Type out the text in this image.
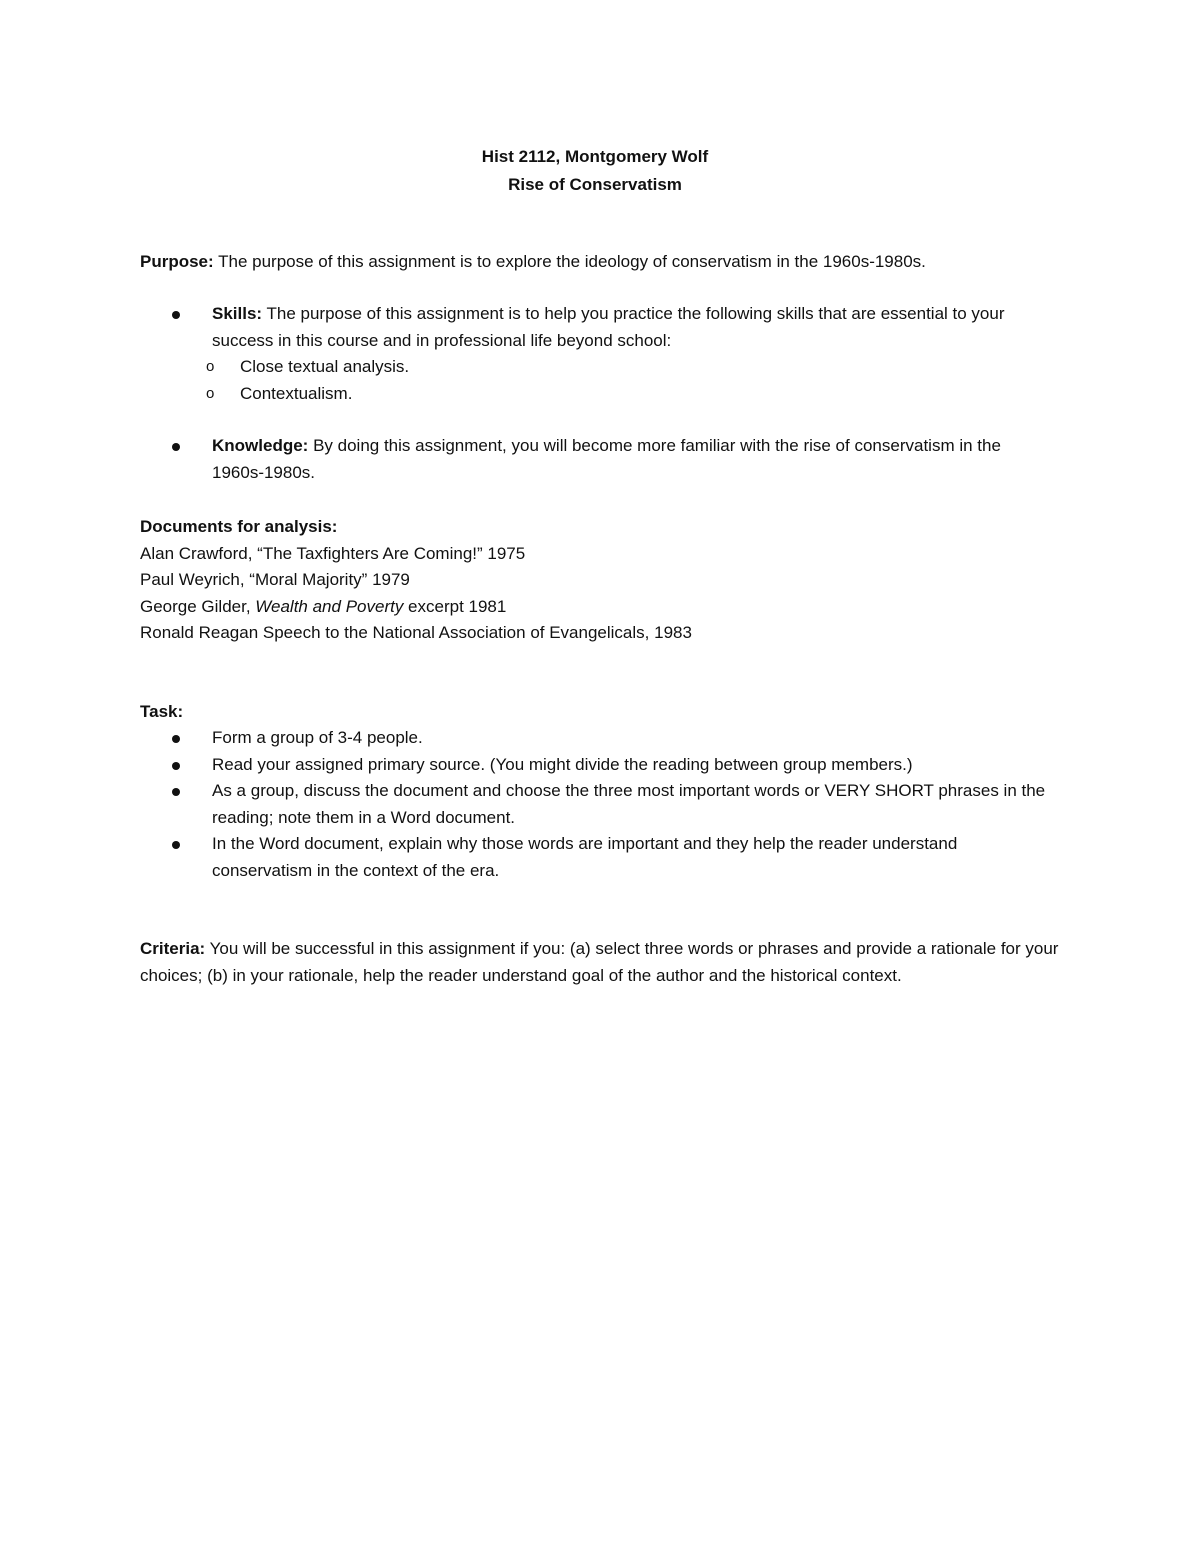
Hist 2112, Montgomery Wolf
Rise of Conservatism
Purpose: The purpose of this assignment is to explore the ideology of conservatism in the 1960s-1980s.
Skills: The purpose of this assignment is to help you practice the following skills that are essential to your success in this course and in professional life beyond school:
o Close textual analysis.
o Contextualism.
Knowledge: By doing this assignment, you will become more familiar with the rise of conservatism in the 1960s-1980s.
Documents for analysis:
Alan Crawford, “The Taxfighters Are Coming!” 1975
Paul Weyrich, “Moral Majority” 1979
George Gilder, Wealth and Poverty excerpt 1981
Ronald Reagan Speech to the National Association of Evangelicals, 1983
Task:
Form a group of 3-4 people.
Read your assigned primary source. (You might divide the reading between group members.)
As a group, discuss the document and choose the three most important words or VERY SHORT phrases in the reading; note them in a Word document.
In the Word document, explain why those words are important and they help the reader understand conservatism in the context of the era.
Criteria: You will be successful in this assignment if you: (a) select three words or phrases and provide a rationale for your choices; (b) in your rationale, help the reader understand goal of the author and the historical context.
